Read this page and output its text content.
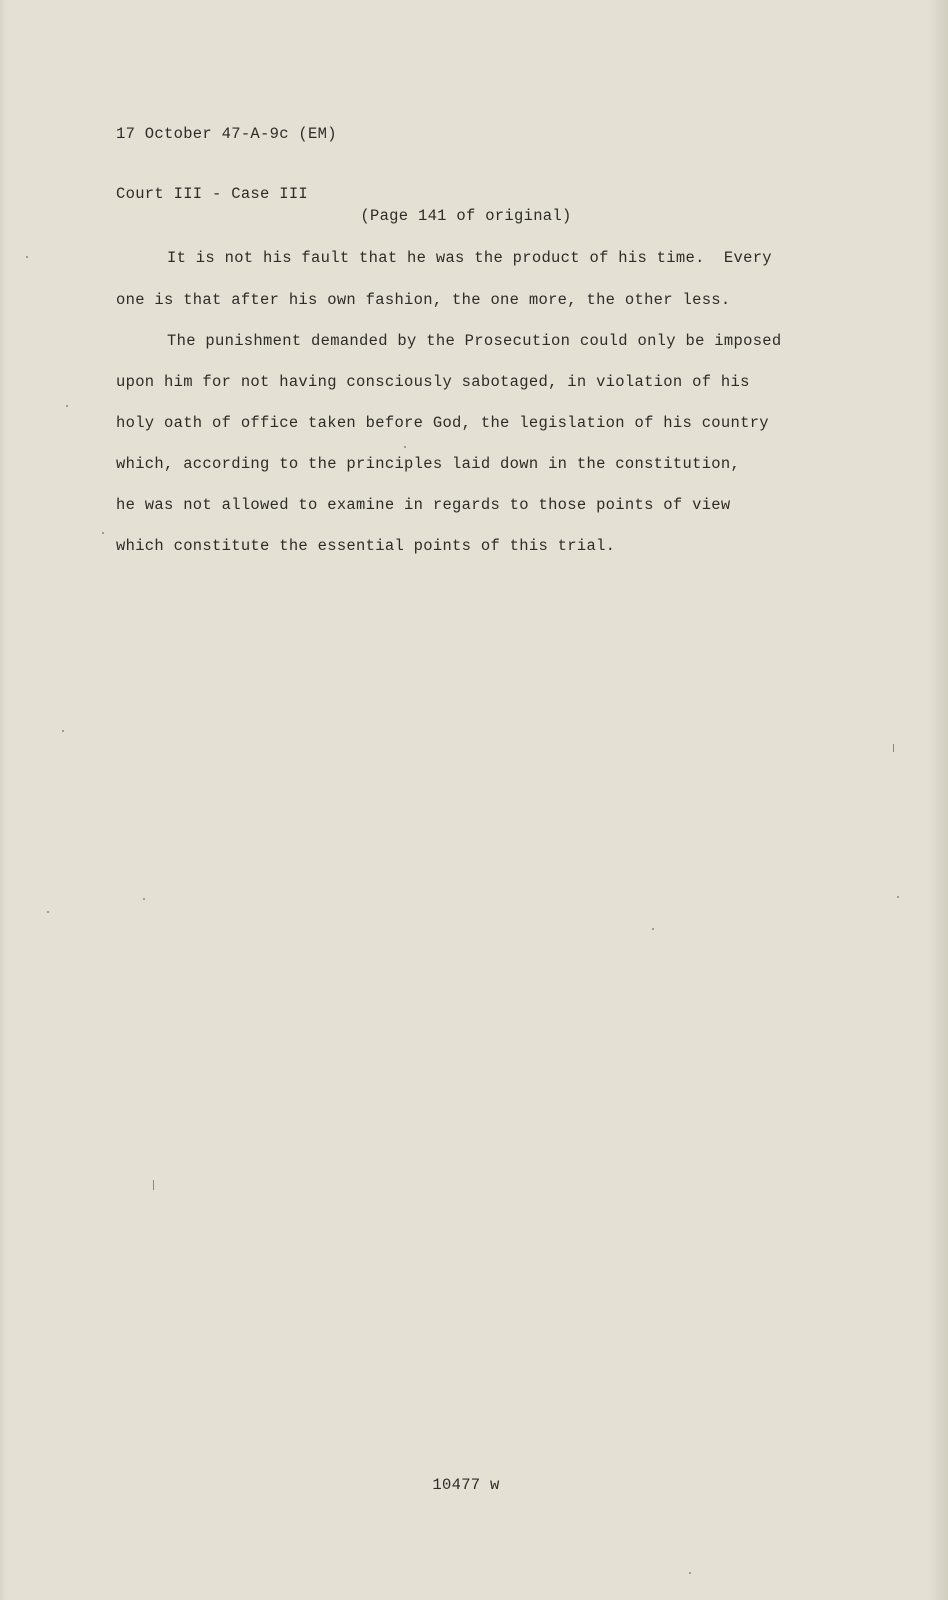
17 October 47-A-9c (EM)

Court III - Case III

(Page 141 of original)
It is not his fault that he was the product of his time.  Every
one is that after his own fashion, the one more, the other less.
The punishment demanded by the Prosecution could only be imposed
upon him for not having consciously sabotaged, in violation of his
holy oath of office taken before God, the legislation of his country
which, according to the principles laid down in the constitution,
he was not allowed to examine in regards to those points of view
which constitute the essential points of this trial.
10477 w
